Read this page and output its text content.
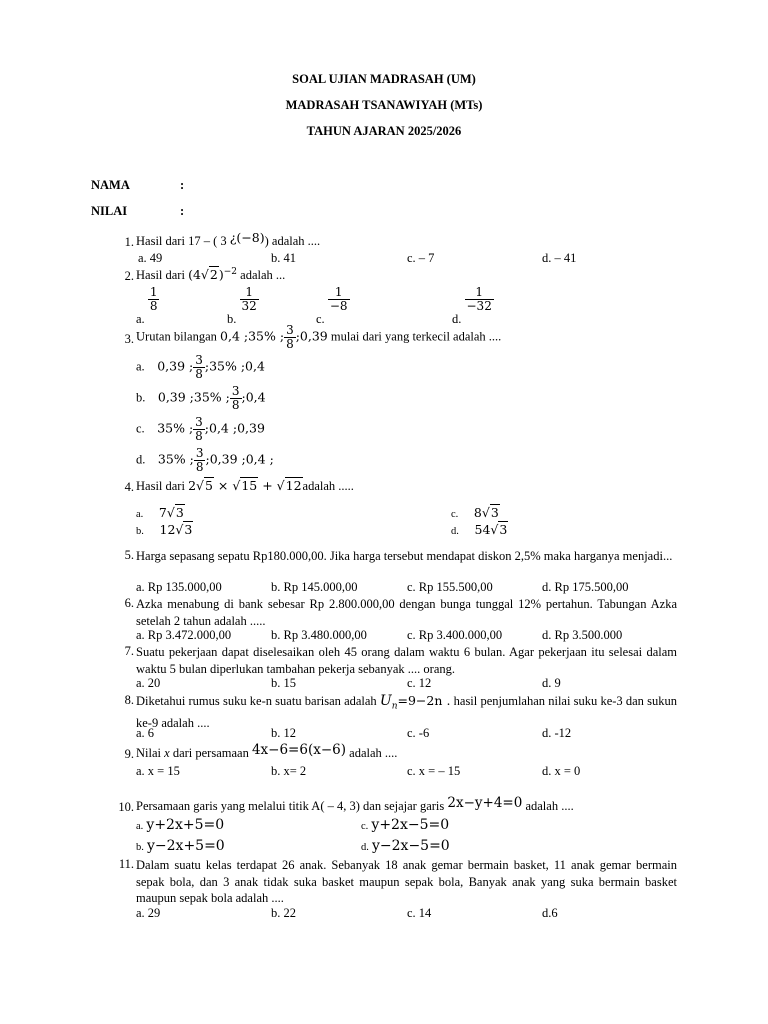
SOAL UJIAN MADRASAH (UM)
MADRASAH TSANAWIYAH (MTs)
TAHUN AJARAN 2025/2026
NAMA	:
NILAI	:
1. Hasil dari 17 – ( 3 ¿(−8)) adalah ....
a. 49	b. 41	c. – 7	d. – 41
2. Hasil dari $(4√2)^{-2}$ adalah ...
a.
$\frac{1}{8}$
b.
$\frac{1}{32}$
c.
$\frac{1}{-8}$
d.
$\frac{1}{-32}$
3. Urutan bilangan 0,4 ;35% ; $\frac{3}{8}$ ;0,39 mulai dari yang terkecil adalah ....
a. 0,39 ; $\frac{3}{8}$ ;35% ;0,4
b. 0,39 ;35% ; $\frac{3}{8}$ ;0,4
c. 35% ; $\frac{3}{8}$ ;0,4 ;0,39
d. 35% ; $\frac{3}{8}$ ;0,39 ;0,4 ;
4. Hasil dari 2√5 × √15 + √12adalah .....
a. 7√3
b. 12√3
c. 8√3
d. 54√3
5. Harga sepasang sepatu Rp180.000,00. Jika harga tersebut mendapat diskon 2,5% maka harganya menjadi...
a. Rp 135.000,00	b. Rp 145.000,00	c. Rp 155.500,00	d. Rp 175.500,00
6. Azka menabung di bank sebesar Rp 2.800.000,00 dengan bunga tunggal 12% pertahun. Tabungan Azka setelah 2 tahun adalah .....
a. Rp 3.472.000,00	b. Rp 3.480.000,00	c. Rp 3.400.000,00	d. Rp 3.500.000
7. Suatu pekerjaan dapat diselesaikan oleh 45 orang dalam waktu 6 bulan. Agar pekerjaan itu selesai dalam waktu 5 bulan diperlukan tambahan pekerja sebanyak .... orang.
a. 20	b. 15	c. 12	d. 9
8. Diketahui rumus suku ke-n suatu barisan adalah $U_n=9-2n$ . hasil penjumlahan nilai suku ke-3 dan sukun ke-9 adalah ....
a. 6	b. 12	c. -6	d. -12
9. Nilai x dari persamaan 4x−6=6(x−6) adalah ....
a. x = 15	b. x= 2	c. x = – 15	d. x = 0
10. Persamaan garis yang melalui titik A( – 4, 3) dan sejajar garis 2x−y+4=0 adalah ....
a. y+2x+5=0
b. y−2x+5=0
c. y+2x−5=0
d. y−2x−5=0
11. Dalam suatu kelas terdapat 26 anak. Sebanyak 18 anak gemar bermain basket, 11 anak gemar bermain sepak bola, dan 3 anak tidak suka basket maupun sepak bola, Banyak anak yang suka bermain basket maupun sepak bola adalah ....
a. 29	b. 22	c. 14	d.6
